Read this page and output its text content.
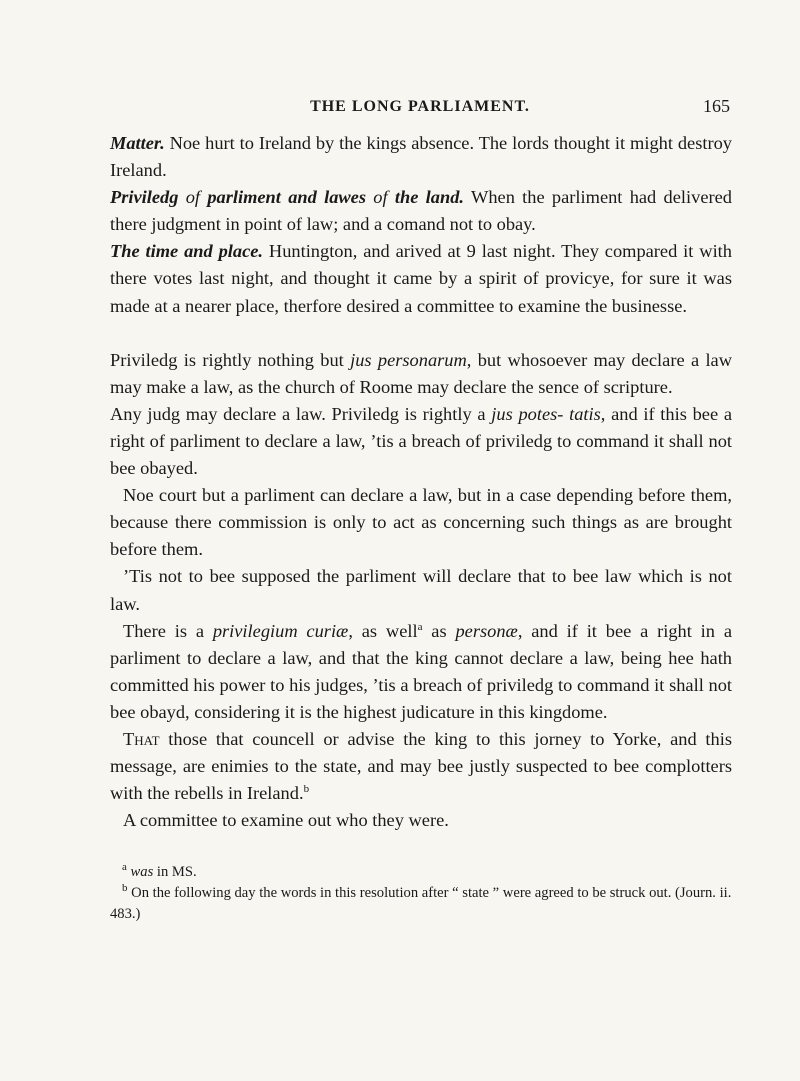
THE LONG PARLIAMENT.	165

Matter. Noe hurt to Ireland by the kings absence. The lords thought it might destroy Ireland.

Priviledg of parliment and lawes of the land. When the parliment had delivered there judgment in point of law; and a comand not to obay.

The time and place. Huntington, and arived at 9 last night. They compared it with there votes last night, and thought it came by a spirit of provicye, for sure it was made at a nearer place, therfore desired a committee to examine the businesse.

Priviledg is rightly nothing but jus personarum, but whosoever may declare a law may make a law, as the church of Roome may declare the sence of scripture.

Any judg may declare a law. Priviledg is rightly a jus potes- tatis, and if this bee a right of parliment to declare a law, ’tis a breach of priviledg to command it shall not bee obayed.

Noe court but a parliment can declare a law, but in a case depending before them, because there commission is only to act as concerning such things as are brought before them.

’Tis not to bee supposed the parliment will declare that to bee law which is not law.

There is a privilegium curiæ, as well$^a$ as personæ, and if it bee a right in a parliment to declare a law, and that the king cannot declare a law, being hee hath committed his power to his judges, ’tis a breach of priviledg to command it shall not bee obayd, considering it is the highest judicature in this kingdome.

That those that councell or advise the king to this jorney to Yorke, and this message, are enimies to the state, and may bee justly suspected to bee complotters with the rebells in Ireland.$^b$

A committee to examine out who they were.

$^a$ was in MS.

$^b$ On the following day the words in this resolution after “ state ” were agreed to be struck out. (Journ. ii. 483.)
